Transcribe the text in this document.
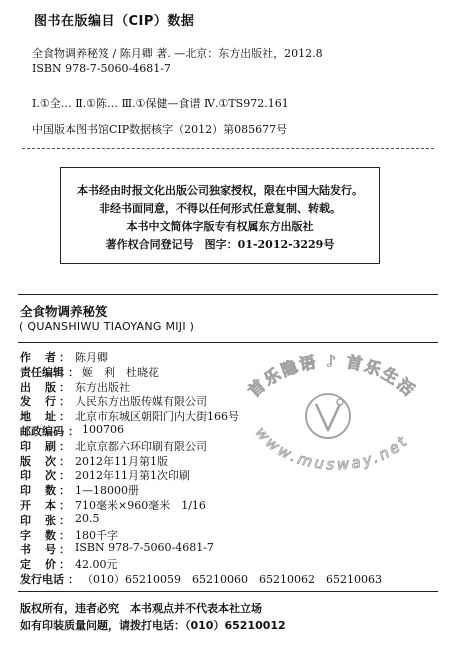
图书在版编目（CIP）数据
全食物调养秘笈 / 陈月卿 著. —北京：东方出版社，2012.8
ISBN 978-7-5060-4681-7
Ⅰ.①全… Ⅱ.①陈… Ⅲ.①保健—食谱 Ⅳ.①TS972.161
中国版本图书馆CIP数据核字（2012）第085677号
本书经由时报文化出版公司独家授权，限在中国大陆发行。
非经书面同意，不得以任何形式任意复制、转载。
本书中文简体字版专有权属东方出版社
著作权合同登记号　图字：01-2012-3229号
全食物调养秘笈
( QUANSHIWU TIAOYANG MIJI )
作 者 ： 陈月卿
责任编辑 ： 姬　利　杜晓花
出 版 ： 东方出版社
发 行 ： 人民东方出版传媒有限公司
地 址 ： 北京市东城区朝阳门内大街166号
邮政编码 ： 100706
印 刷 ： 北京京都六环印刷有限公司
版 次 ： 2012年11月第1版
印 次 ： 2012年11月第1次印刷
印 数 ： 1—18000册
开 本 ： 710毫米×960毫米　1/16
印 张 ： 20.5
字 数 ： 180千字
书 号 ： ISBN 978-7-5060-4681-7
定 价 ： 42.00元
发行电话 ： （010）65210059　65210060　65210062　65210063
版权所有，违者必究　本书观点并不代表本社立场
如有印装质量问题，请拨打电话：（010）65210012
首乐隐语 ♪ 首乐生活
www.musway.net
